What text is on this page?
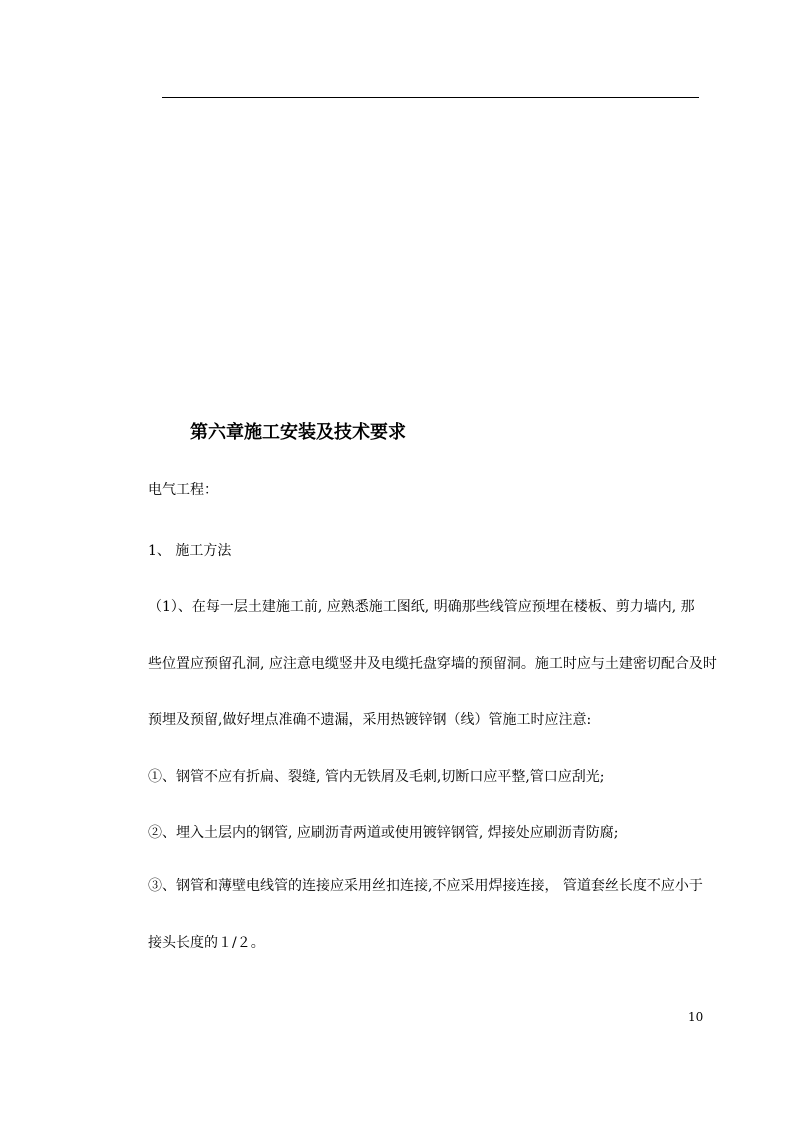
第六章施工安装及技术要求
电气工程：
1、 施工方法
（1）、在每一层土建施工前, 应熟悉施工图纸, 明确那些线管应预埋在楼板、剪力墙内, 那
些位置应预留孔洞, 应注意电缆竖井及电缆托盘穿墙的预留洞。施工时应与土建密切配合及时
预埋及预留,做好埋点准确不遗漏，采用热镀锌钢（线）管施工时应注意:
①、钢管不应有折扁、裂缝, 管内无铁屑及毛刺,切断口应平整,管口应刮光;
②、埋入土层内的钢管, 应刷沥青两道或使用镀锌钢管, 焊接处应刷沥青防腐;
③、钢管和薄壁电线管的连接应采用丝扣连接,不应采用焊接连接， 管道套丝长度不应小于
接头长度的１/２。
10
